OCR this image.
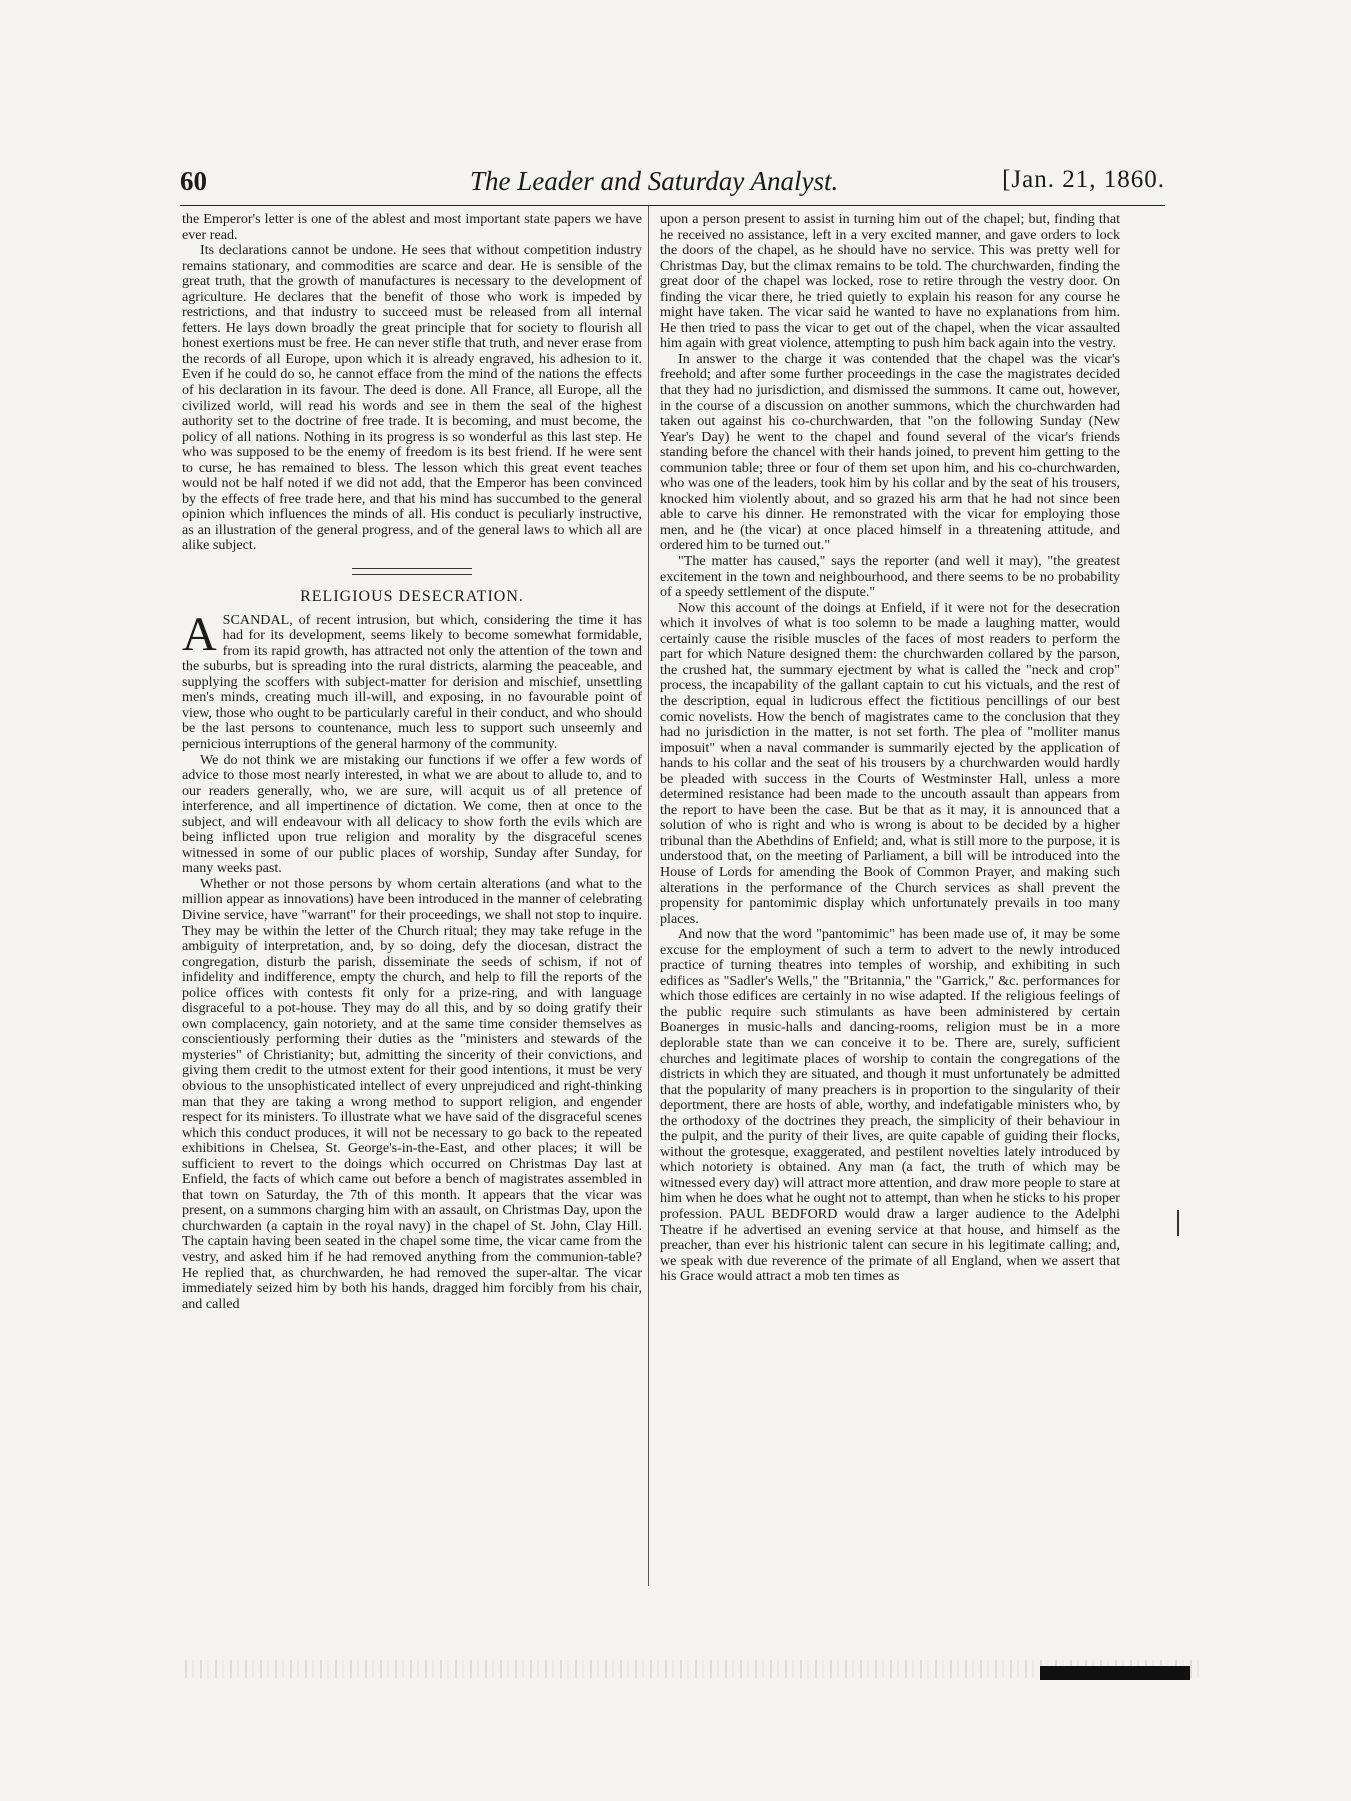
60	The Leader and Saturday Analyst.	[Jan. 21, 1860.

the Emperor's letter is one of the ablest and most important state papers we have ever read.

Its declarations cannot be undone. He sees that without competition industry remains stationary, and commodities are scarce and dear. He is sensible of the great truth, that the growth of manufactures is necessary to the development of agriculture. He declares that the benefit of those who work is impeded by restrictions, and that industry to succeed must be released from all internal fetters. He lays down broadly the great principle that for society to flourish all honest exertions must be free. He can never stifle that truth, and never erase from the records of all Europe, upon which it is already engraved, his adhesion to it. Even if he could do so, he cannot efface from the mind of the nations the effects of his declaration in its favour. The deed is done. All France, all Europe, all the civilized world, will read his words and see in them the seal of the highest authority set to the doctrine of free trade. It is becoming, and must become, the policy of all nations. Nothing in its progress is so wonderful as this last step. He who was supposed to be the enemy of freedom is its best friend. If he were sent to curse, he has remained to bless. The lesson which this great event teaches would not be half noted if we did not add, that the Emperor has been convinced by the effects of free trade here, and that his mind has succumbed to the general opinion which influences the minds of all. His conduct is peculiarly instructive, as an illustration of the general progress, and of the general laws to which all are alike subject.

RELIGIOUS DESECRATION.

ASCANDAL, of recent intrusion, but which, considering the time it has had for its development, seems likely to become somewhat formidable, from its rapid growth, has attracted not only the attention of the town and the suburbs, but is spreading into the rural districts, alarming the peaceable, and supplying the scoffers with subject-matter for derision and mischief, unsettling men's minds, creating much ill-will, and exposing, in no favourable point of view, those who ought to be particularly careful in their conduct, and who should be the last persons to countenance, much less to support such unseemly and pernicious interruptions of the general harmony of the community.

We do not think we are mistaking our functions if we offer a few words of advice to those most nearly interested, in what we are about to allude to, and to our readers generally, who, we are sure, will acquit us of all pretence of interference, and all impertinence of dictation. We come, then at once to the subject, and will endeavour with all delicacy to show forth the evils which are being inflicted upon true religion and morality by the disgraceful scenes witnessed in some of our public places of worship, Sunday after Sunday, for many weeks past.

Whether or not those persons by whom certain alterations (and what to the million appear as innovations) have been introduced in the manner of celebrating Divine service, have "warrant" for their proceedings, we shall not stop to inquire. They may be within the letter of the Church ritual; they may take refuge in the ambiguity of interpretation, and, by so doing, defy the diocesan, distract the congregation, disturb the parish, disseminate the seeds of schism, if not of infidelity and indifference, empty the church, and help to fill the reports of the police offices with contests fit only for a prize-ring, and with language disgraceful to a pot-house. They may do all this, and by so doing gratify their own complacency, gain notoriety, and at the same time consider themselves as conscientiously performing their duties as the "ministers and stewards of the mysteries" of Christianity; but, admitting the sincerity of their convictions, and giving them credit to the utmost extent for their good intentions, it must be very obvious to the unsophisticated intellect of every unprejudiced and right-thinking man that they are taking a wrong method to support religion, and engender respect for its ministers. To illustrate what we have said of the disgraceful scenes which this conduct produces, it will not be necessary to go back to the repeated exhibitions in Chelsea, St. George's-in-the-East, and other places; it will be sufficient to revert to the doings which occurred on Christmas Day last at Enfield, the facts of which came out before a bench of magistrates assembled in that town on Saturday, the 7th of this month. It appears that the vicar was present, on a summons charging him with an assault, on Christmas Day, upon the churchwarden (a captain in the royal navy) in the chapel of St. John, Clay Hill. The captain having been seated in the chapel some time, the vicar came from the vestry, and asked him if he had removed anything from the communion-table? He replied that, as churchwarden, he had removed the super-altar. The vicar immediately seized him by both his hands, dragged him forcibly from his chair, and called

upon a person present to assist in turning him out of the chapel; but, finding that he received no assistance, left in a very excited manner, and gave orders to lock the doors of the chapel, as he should have no service. This was pretty well for Christmas Day, but the climax remains to be told. The churchwarden, finding the great door of the chapel was locked, rose to retire through the vestry door. On finding the vicar there, he tried quietly to explain his reason for any course he might have taken. The vicar said he wanted to have no explanations from him. He then tried to pass the vicar to get out of the chapel, when the vicar assaulted him again with great violence, attempting to push him back again into the vestry.

In answer to the charge it was contended that the chapel was the vicar's freehold; and after some further proceedings in the case the magistrates decided that they had no jurisdiction, and dismissed the summons. It came out, however, in the course of a discussion on another summons, which the churchwarden had taken out against his co-churchwarden, that "on the following Sunday (New Year's Day) he went to the chapel and found several of the vicar's friends standing before the chancel with their hands joined, to prevent him getting to the communion table; three or four of them set upon him, and his co-churchwarden, who was one of the leaders, took him by his collar and by the seat of his trousers, knocked him violently about, and so grazed his arm that he had not since been able to carve his dinner. He remonstrated with the vicar for employing those men, and he (the vicar) at once placed himself in a threatening attitude, and ordered him to be turned out."

"The matter has caused," says the reporter (and well it may), "the greatest excitement in the town and neighbourhood, and there seems to be no probability of a speedy settlement of the dispute."

Now this account of the doings at Enfield, if it were not for the desecration which it involves of what is too solemn to be made a laughing matter, would certainly cause the risible muscles of the faces of most readers to perform the part for which Nature designed them: the churchwarden collared by the parson, the crushed hat, the summary ejectment by what is called the "neck and crop" process, the incapability of the gallant captain to cut his victuals, and the rest of the description, equal in ludicrous effect the fictitious pencillings of our best comic novelists. How the bench of magistrates came to the conclusion that they had no jurisdiction in the matter, is not set forth. The plea of "molliter manus imposuit" when a naval commander is summarily ejected by the application of hands to his collar and the seat of his trousers by a churchwarden would hardly be pleaded with success in the Courts of Westminster Hall, unless a more determined resistance had been made to the uncouth assault than appears from the report to have been the case. But be that as it may, it is announced that a solution of who is right and who is wrong is about to be decided by a higher tribunal than the Abethdins of Enfield; and, what is still more to the purpose, it is understood that, on the meeting of Parliament, a bill will be introduced into the House of Lords for amending the Book of Common Prayer, and making such alterations in the performance of the Church services as shall prevent the propensity for pantomimic display which unfortunately prevails in too many places.

And now that the word "pantomimic" has been made use of, it may be some excuse for the employment of such a term to advert to the newly introduced practice of turning theatres into temples of worship, and exhibiting in such edifices as "Sadler's Wells," the "Britannia," the "Garrick," &c. performances for which those edifices are certainly in no wise adapted. If the religious feelings of the public require such stimulants as have been administered by certain Boanerges in music-halls and dancing-rooms, religion must be in a more deplorable state than we can conceive it to be. There are, surely, sufficient churches and legitimate places of worship to contain the congregations of the districts in which they are situated, and though it must unfortunately be admitted that the popularity of many preachers is in proportion to the singularity of their deportment, there are hosts of able, worthy, and indefatigable ministers who, by the orthodoxy of the doctrines they preach, the simplicity of their behaviour in the pulpit, and the purity of their lives, are quite capable of guiding their flocks, without the grotesque, exaggerated, and pestilent novelties lately introduced by which notoriety is obtained. Any man (a fact, the truth of which may be witnessed every day) will attract more attention, and draw more people to stare at him when he does what he ought not to attempt, than when he sticks to his proper profession. PAUL BEDFORD would draw a larger audience to the Adelphi Theatre if he advertised an evening service at that house, and himself as the preacher, than ever his histrionic talent can secure in his legitimate calling; and, we speak with due reverence of the primate of all England, when we assert that his Grace would attract a mob ten times as
